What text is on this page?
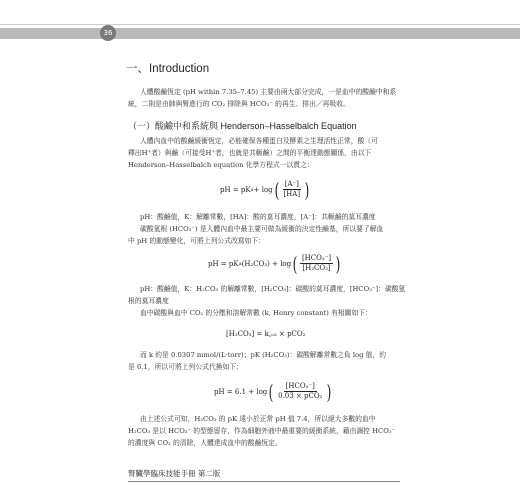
36
一、Introduction
人體酸鹼恆定 (pH within 7.35–7.45) 主要由兩大部分完成，一是血中的酸鹼中和系
統，二則是由肺與腎進行的 CO₂ 排除與 HCO₃⁻ 的再生、排出／再吸收。
（一）酸鹼中和系統與 Henderson–Hasselbalch Equation
人體內血中的酸鹼緩衝恆定，必能確保各種蛋白及酵素之生理活性正常，酸（可
釋出H⁺者）與鹼（可接受H⁺者，也就是共軛鹼）之間的平衡達動態關係，由以下
Henderson–Hasselbalch equation 化學方程式一以貫之：
pH = pK a + log ( $\frac{[A^-]}{[HA]}$ )
pH：酸鹼值，K：解離常數，[HA]：酸的莫耳濃度，[A⁻]：共軛鹼的莫耳濃度
碳酸氫根 (HCO₃⁻) 是人體內血中最主要可做為緩衝的決定性鹼基，所以要了解血
中 pH 的動態變化，可將上列公式改寫如下：
pH = pK a (H₂CO₃) + log ( $\frac{\text{[HCO₃⁻]}}{\text{[H₂CO₃]}}$ )
pH：酸鹼值，K：H₂CO₃ 的解離常數，[H₂CO₃]：碳酸的莫耳濃度，[HCO₃⁻]：碳酸氫
根的莫耳濃度
血中碳酸與血中 CO₂ 的分壓和溶解常數 (k, Henry constant) 有相關如下：
[H₂CO₃] = k꜀ₒ₂ × pCO₂
而 k 約是 0.0307 mmol/(L·torr)；pK (H₂CO₃)：碳酸解離常數之負 log 值，約
是 6.1，所以可將上列公式代換如下：
pH = 6.1 + log ( $\frac{\text{[HCO₃⁻]}}{\text{0.03 × pCO₂}}$ )
由上述公式可知，H₂CO₃ 的 pK 遠小於正常 pH 值 7.4，所以絕大多數的血中
H₂CO₃ 是以 HCO₃⁻ 的型態留存，作為細胞外液中最重要的緩衝系統，藉由調控 HCO₃⁻
的濃度與 CO₂ 的清除，人體達成血中的酸鹼恆定。
腎臟學臨床技能手冊 第二版
